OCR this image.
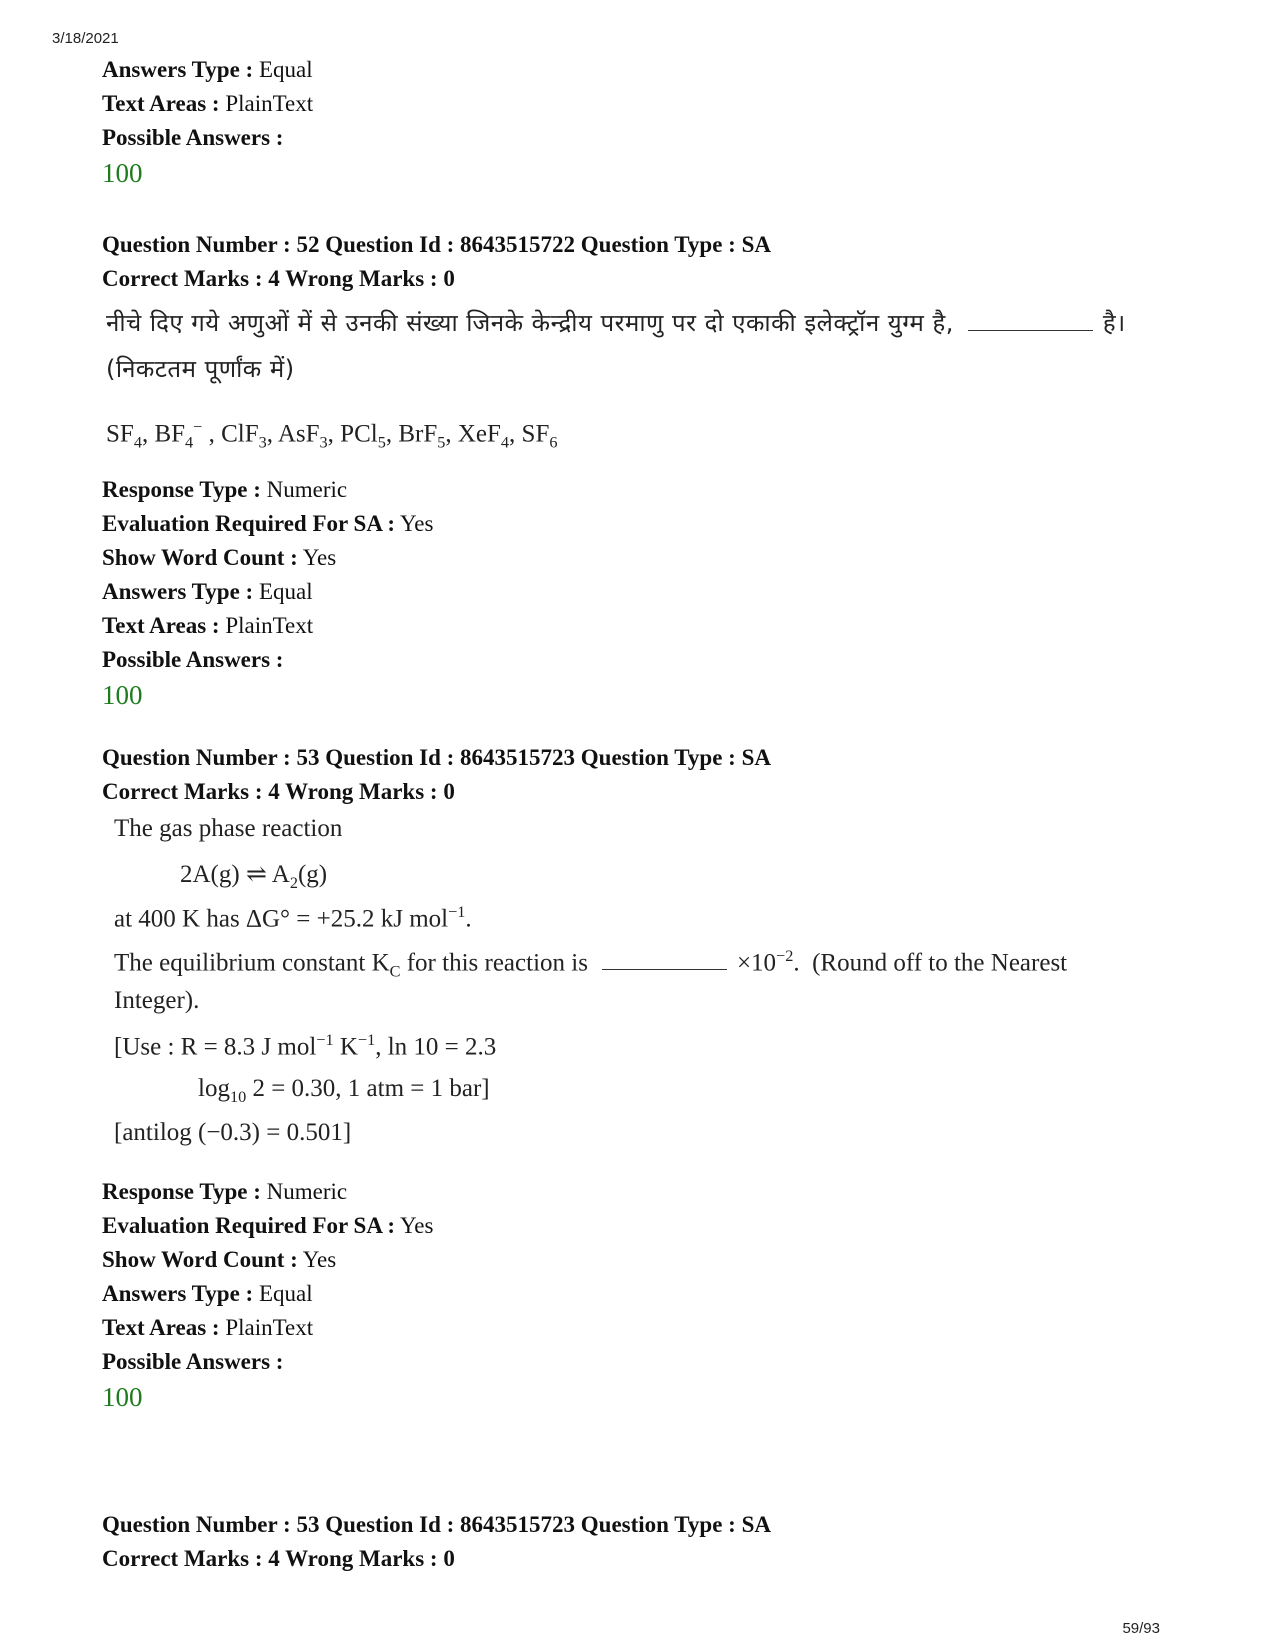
3/18/2021
Answers Type : Equal
Text Areas : PlainText
Possible Answers :
100
Question Number : 52 Question Id : 8643515722 Question Type : SA
Correct Marks : 4 Wrong Marks : 0
नीचे दिए गये अणुओं में से उनकी संख्या जिनके केन्द्रीय परमाणु पर दो एकाकी इलेक्ट्रॉन युग्म है,	है।
(निकटतम पूर्णांक में)
$SF_4$, $BF_4^-$ , ClF$_3$, AsF$_3$, PCl$_5$, BrF$_5$, XeF$_4$, $SF_6$
Response Type : Numeric
Evaluation Required For SA : Yes
Show Word Count : Yes
Answers Type : Equal
Text Areas : PlainText
Possible Answers :
100
Question Number : 53 Question Id : 8643515723 Question Type : SA
Correct Marks : 4 Wrong Marks : 0
The gas phase reaction
2A(g) ⇌ $A_2(g)$
at 400 K has ΔG° = +25.2 kJ mol$^{-1}$.
The equilibrium constant $K_C$ for this reaction is	$\times 10^{-2}$.  (Round off to the Nearest
Integer).
[Use : R = 8.3 J mol$^{-1}$ $K^{-1}$, ln 10 = 2.3
$\log_{10} 2 = 0.30$, 1 atm = 1 bar]
[antilog (−0.3) = 0.501]
Response Type : Numeric
Evaluation Required For SA : Yes
Show Word Count : Yes
Answers Type : Equal
Text Areas : PlainText
Possible Answers :
100
Question Number : 53 Question Id : 8643515723 Question Type : SA
Correct Marks : 4 Wrong Marks : 0
59/93
